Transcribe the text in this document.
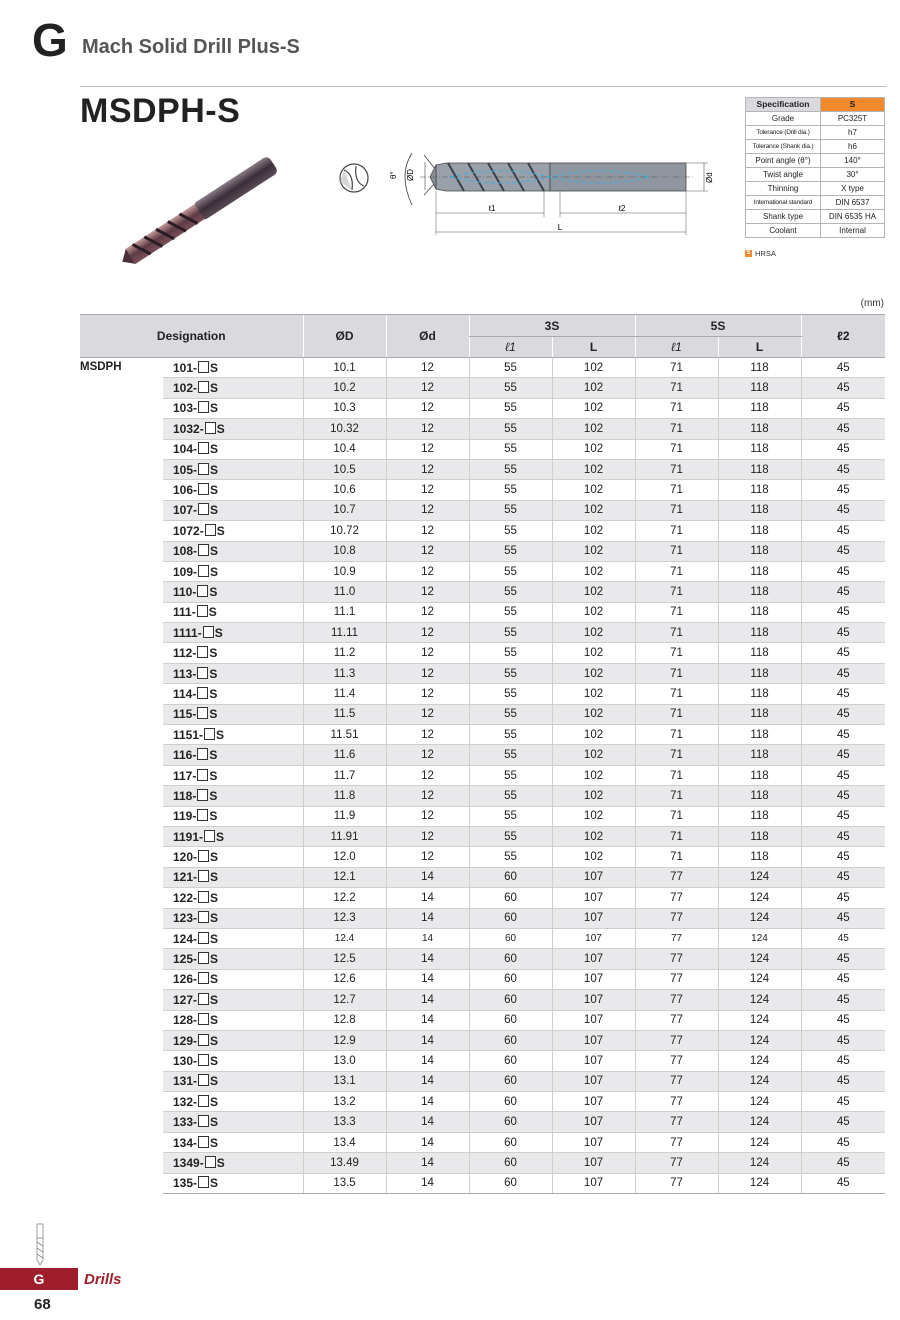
G Mach Solid Drill Plus-S
MSDPH-S
θ° ØD	Ød
ℓ1	ℓ2
L
Specification	S
Grade	PC325T
Tolerance (Drill dia.)	h7
Tolerance (Shank dia.)	h6
Point angle (θ°)	140°
Twist angle	30°
Thinning	X type
International standard	DIN 6537
Shank type	DIN 6535 HA
Coolant	Internal
S HRSA
(mm)
Designation		ØD	Ød	3S		5S		ℓ2
				ℓ1	L	ℓ1	L	
MSDPH	101- S	10.1	12	55	102	71	118	45
	102- S	10.2	12	55	102	71	118	45
	103- S	10.3	12	55	102	71	118	45
	1032- S	10.32	12	55	102	71	118	45
	104- S	10.4	12	55	102	71	118	45
	105- S	10.5	12	55	102	71	118	45
	106- S	10.6	12	55	102	71	118	45
	107- S	10.7	12	55	102	71	118	45
	1072- S	10.72	12	55	102	71	118	45
	108- S	10.8	12	55	102	71	118	45
	109- S	10.9	12	55	102	71	118	45
	110- S	11.0	12	55	102	71	118	45
	111- S	11.1	12	55	102	71	118	45
	1111- S	11.11	12	55	102	71	118	45
	112- S	11.2	12	55	102	71	118	45
	113- S	11.3	12	55	102	71	118	45
	114- S	11.4	12	55	102	71	118	45
	115- S	11.5	12	55	102	71	118	45
	1151- S	11.51	12	55	102	71	118	45
	116- S	11.6	12	55	102	71	118	45
	117- S	11.7	12	55	102	71	118	45
	118- S	11.8	12	55	102	71	118	45
	119- S	11.9	12	55	102	71	118	45
	1191- S	11.91	12	55	102	71	118	45
	120- S	12.0	12	55	102	71	118	45
	121- S	12.1	14	60	107	77	124	45
	122- S	12.2	14	60	107	77	124	45
	123- S	12.3	14	60	107	77	124	45
	124- S	12.4	14	60	107	77	124	45
	125- S	12.5	14	60	107	77	124	45
	126- S	12.6	14	60	107	77	124	45
	127- S	12.7	14	60	107	77	124	45
	128- S	12.8	14	60	107	77	124	45
	129- S	12.9	14	60	107	77	124	45
	130- S	13.0	14	60	107	77	124	45
	131- S	13.1	14	60	107	77	124	45
	132- S	13.2	14	60	107	77	124	45
	133- S	13.3	14	60	107	77	124	45
	134- S	13.4	14	60	107	77	124	45
	1349- S	13.49	14	60	107	77	124	45
	135- S	13.5	14	60	107	77	124	45
G	Drills
68
